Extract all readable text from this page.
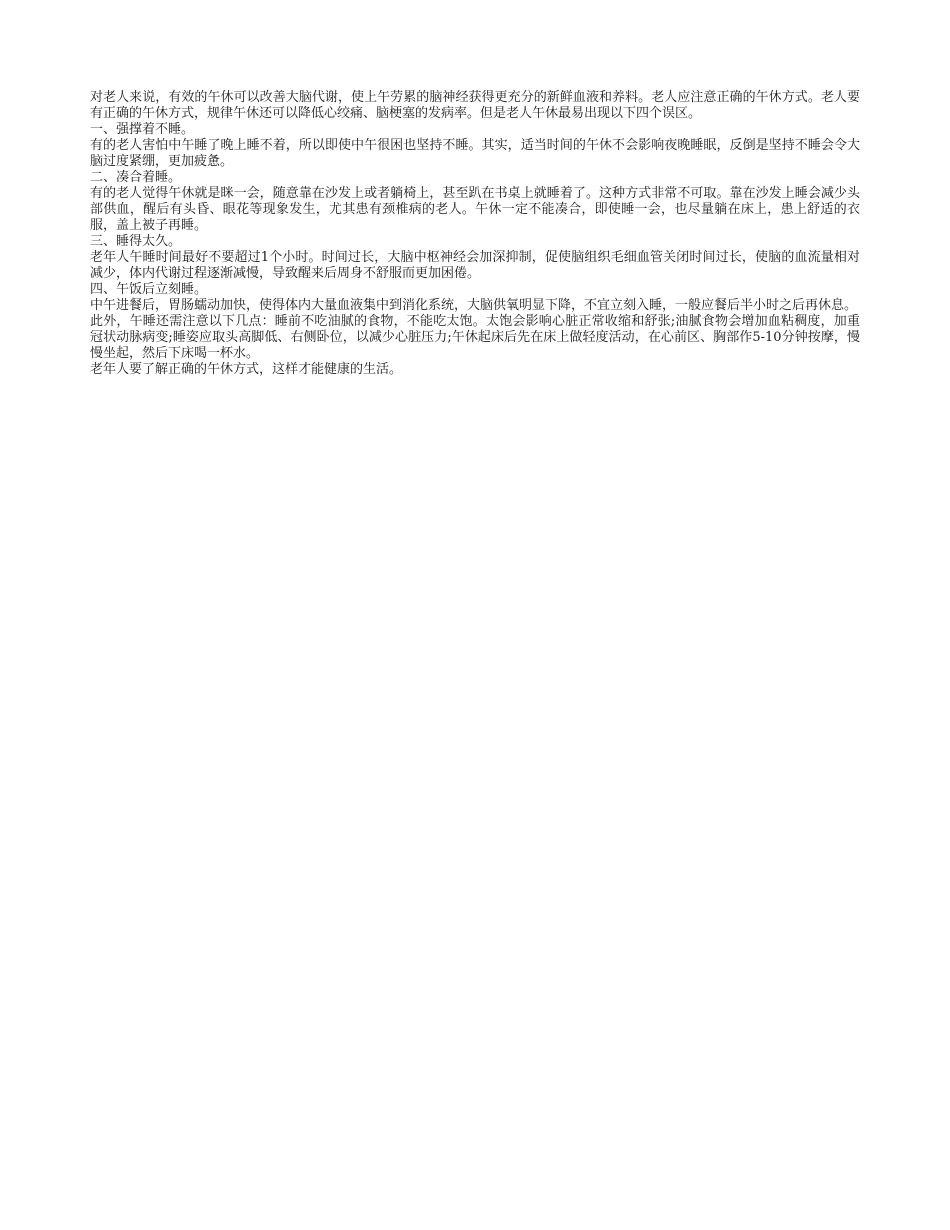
对老人来说，有效的午休可以改善大脑代谢，使上午劳累的脑神经获得更充分的新鲜血液和养料。老人应注意正确的午休方式。老人要有正确的午休方式，规律午休还可以降低心绞痛、脑梗塞的发病率。但是老人午休最易出现以下四个误区。

一、强撑着不睡。

有的老人害怕中午睡了晚上睡不着，所以即使中午很困也坚持不睡。其实，适当时间的午休不会影响夜晚睡眠，反倒是坚持不睡会令大脑过度紧绷，更加疲惫。

二、凑合着睡。

有的老人觉得午休就是眯一会，随意靠在沙发上或者躺椅上，甚至趴在书桌上就睡着了。这种方式非常不可取。靠在沙发上睡会减少头部供血，醒后有头昏、眼花等现象发生，尤其患有颈椎病的老人。午休一定不能凑合，即使睡一会，也尽量躺在床上，患上舒适的衣服，盖上被子再睡。

三、睡得太久。

老年人午睡时间最好不要超过1个小时。时间过长，大脑中枢神经会加深抑制，促使脑组织毛细血管关闭时间过长，使脑的血流量相对减少，体内代谢过程逐渐减慢，导致醒来后周身不舒服而更加困倦。

四、午饭后立刻睡。

中午进餐后，胃肠蠕动加快，使得体内大量血液集中到消化系统，大脑供氧明显下降，不宜立刻入睡，一般应餐后半小时之后再休息。

此外，午睡还需注意以下几点：睡前不吃油腻的食物，不能吃太饱。太饱会影响心脏正常收缩和舒张;油腻食物会增加血粘稠度，加重冠状动脉病变;睡姿应取头高脚低、右侧卧位，以减少心脏压力;午休起床后先在床上做轻度活动，在心前区、胸部作5-10分钟按摩，慢慢坐起，然后下床喝一杯水。

老年人要了解正确的午休方式，这样才能健康的生活。
